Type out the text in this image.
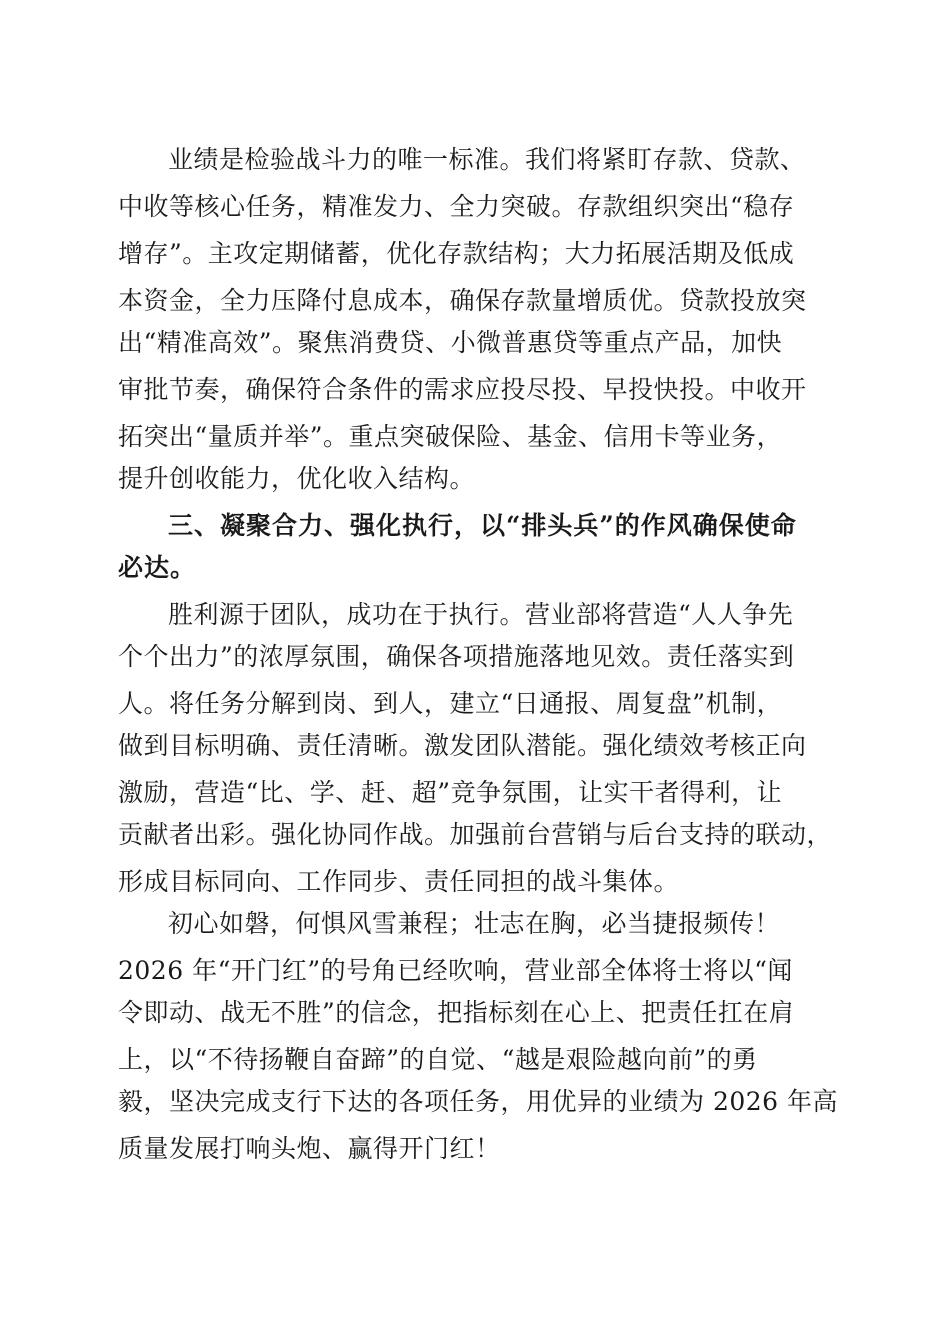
业绩是检验战斗力的唯一标准。我们将紧盯存款、贷款、
中收等核心任务，精准发力、全力突破。存款组织突出“稳存
增存”。主攻定期储蓄，优化存款结构；大力拓展活期及低成
本资金，全力压降付息成本，确保存款量增质优。贷款投放突
出“精准高效”。聚焦消费贷、小微普惠贷等重点产品，加快
审批节奏，确保符合条件的需求应投尽投、早投快投。中收开
拓突出“量质并举”。重点突破保险、基金、信用卡等业务，
提升创收能力，优化收入结构。
三、凝聚合力、强化执行，以“排头兵”的作风确保使命
必达。
胜利源于团队，成功在于执行。营业部将营造“人人争先
个个出力”的浓厚氛围，确保各项措施落地见效。责任落实到
人。将任务分解到岗、到人，建立“日通报、周复盘”机制，
做到目标明确、责任清晰。激发团队潜能。强化绩效考核正向
激励，营造“比、学、赶、超”竞争氛围，让实干者得利，让
贡献者出彩。强化协同作战。加强前台营销与后台支持的联动，
形成目标同向、工作同步、责任同担的战斗集体。
初心如磐，何惧风雪兼程；壮志在胸，必当捷报频传！
2026 年“开门红”的号角已经吹响，营业部全体将士将以“闻
令即动、战无不胜”的信念，把指标刻在心上、把责任扛在肩
上，以“不待扬鞭自奋蹄”的自觉、“越是艰险越向前”的勇
毅，坚决完成支行下达的各项任务，用优异的业绩为 2026 年高
质量发展打响头炮、赢得开门红！
